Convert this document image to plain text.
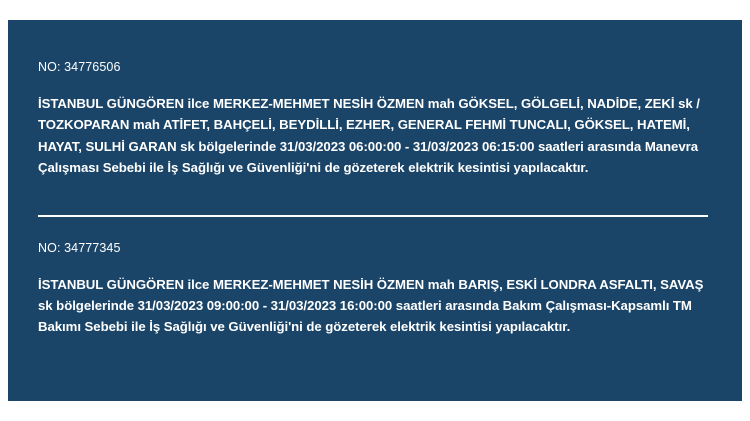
NO: 34776506

İSTANBUL GÜNGÖREN ilce MERKEZ-MEHMET NESİH ÖZMEN mah GÖKSEL, GÖLGELİ, NADİDE, ZEKİ sk / TOZKOPARAN mah ATİFET, BAHÇELİ, BEYDİLLİ, EZHER, GENERAL FEHMİ TUNCALI, GÖKSEL, HATEMİ, HAYAT, SULHİ GARAN sk bölgelerinde 31/03/2023 06:00:00 - 31/03/2023 06:15:00 saatleri arasında Manevra Çalışması Sebebi ile İş Sağlığı ve Güvenliği'ni de gözeterek elektrik kesintisi yapılacaktır.

NO: 34777345

İSTANBUL GÜNGÖREN ilce MERKEZ-MEHMET NESİH ÖZMEN mah BARIŞ, ESKİ LONDRA ASFALTI, SAVAŞ sk bölgelerinde 31/03/2023 09:00:00 - 31/03/2023 16:00:00 saatleri arasında Bakım Çalışması-Kapsamlı TM Bakımı Sebebi ile İş Sağlığı ve Güvenliği'ni de gözeterek elektrik kesintisi yapılacaktır.
